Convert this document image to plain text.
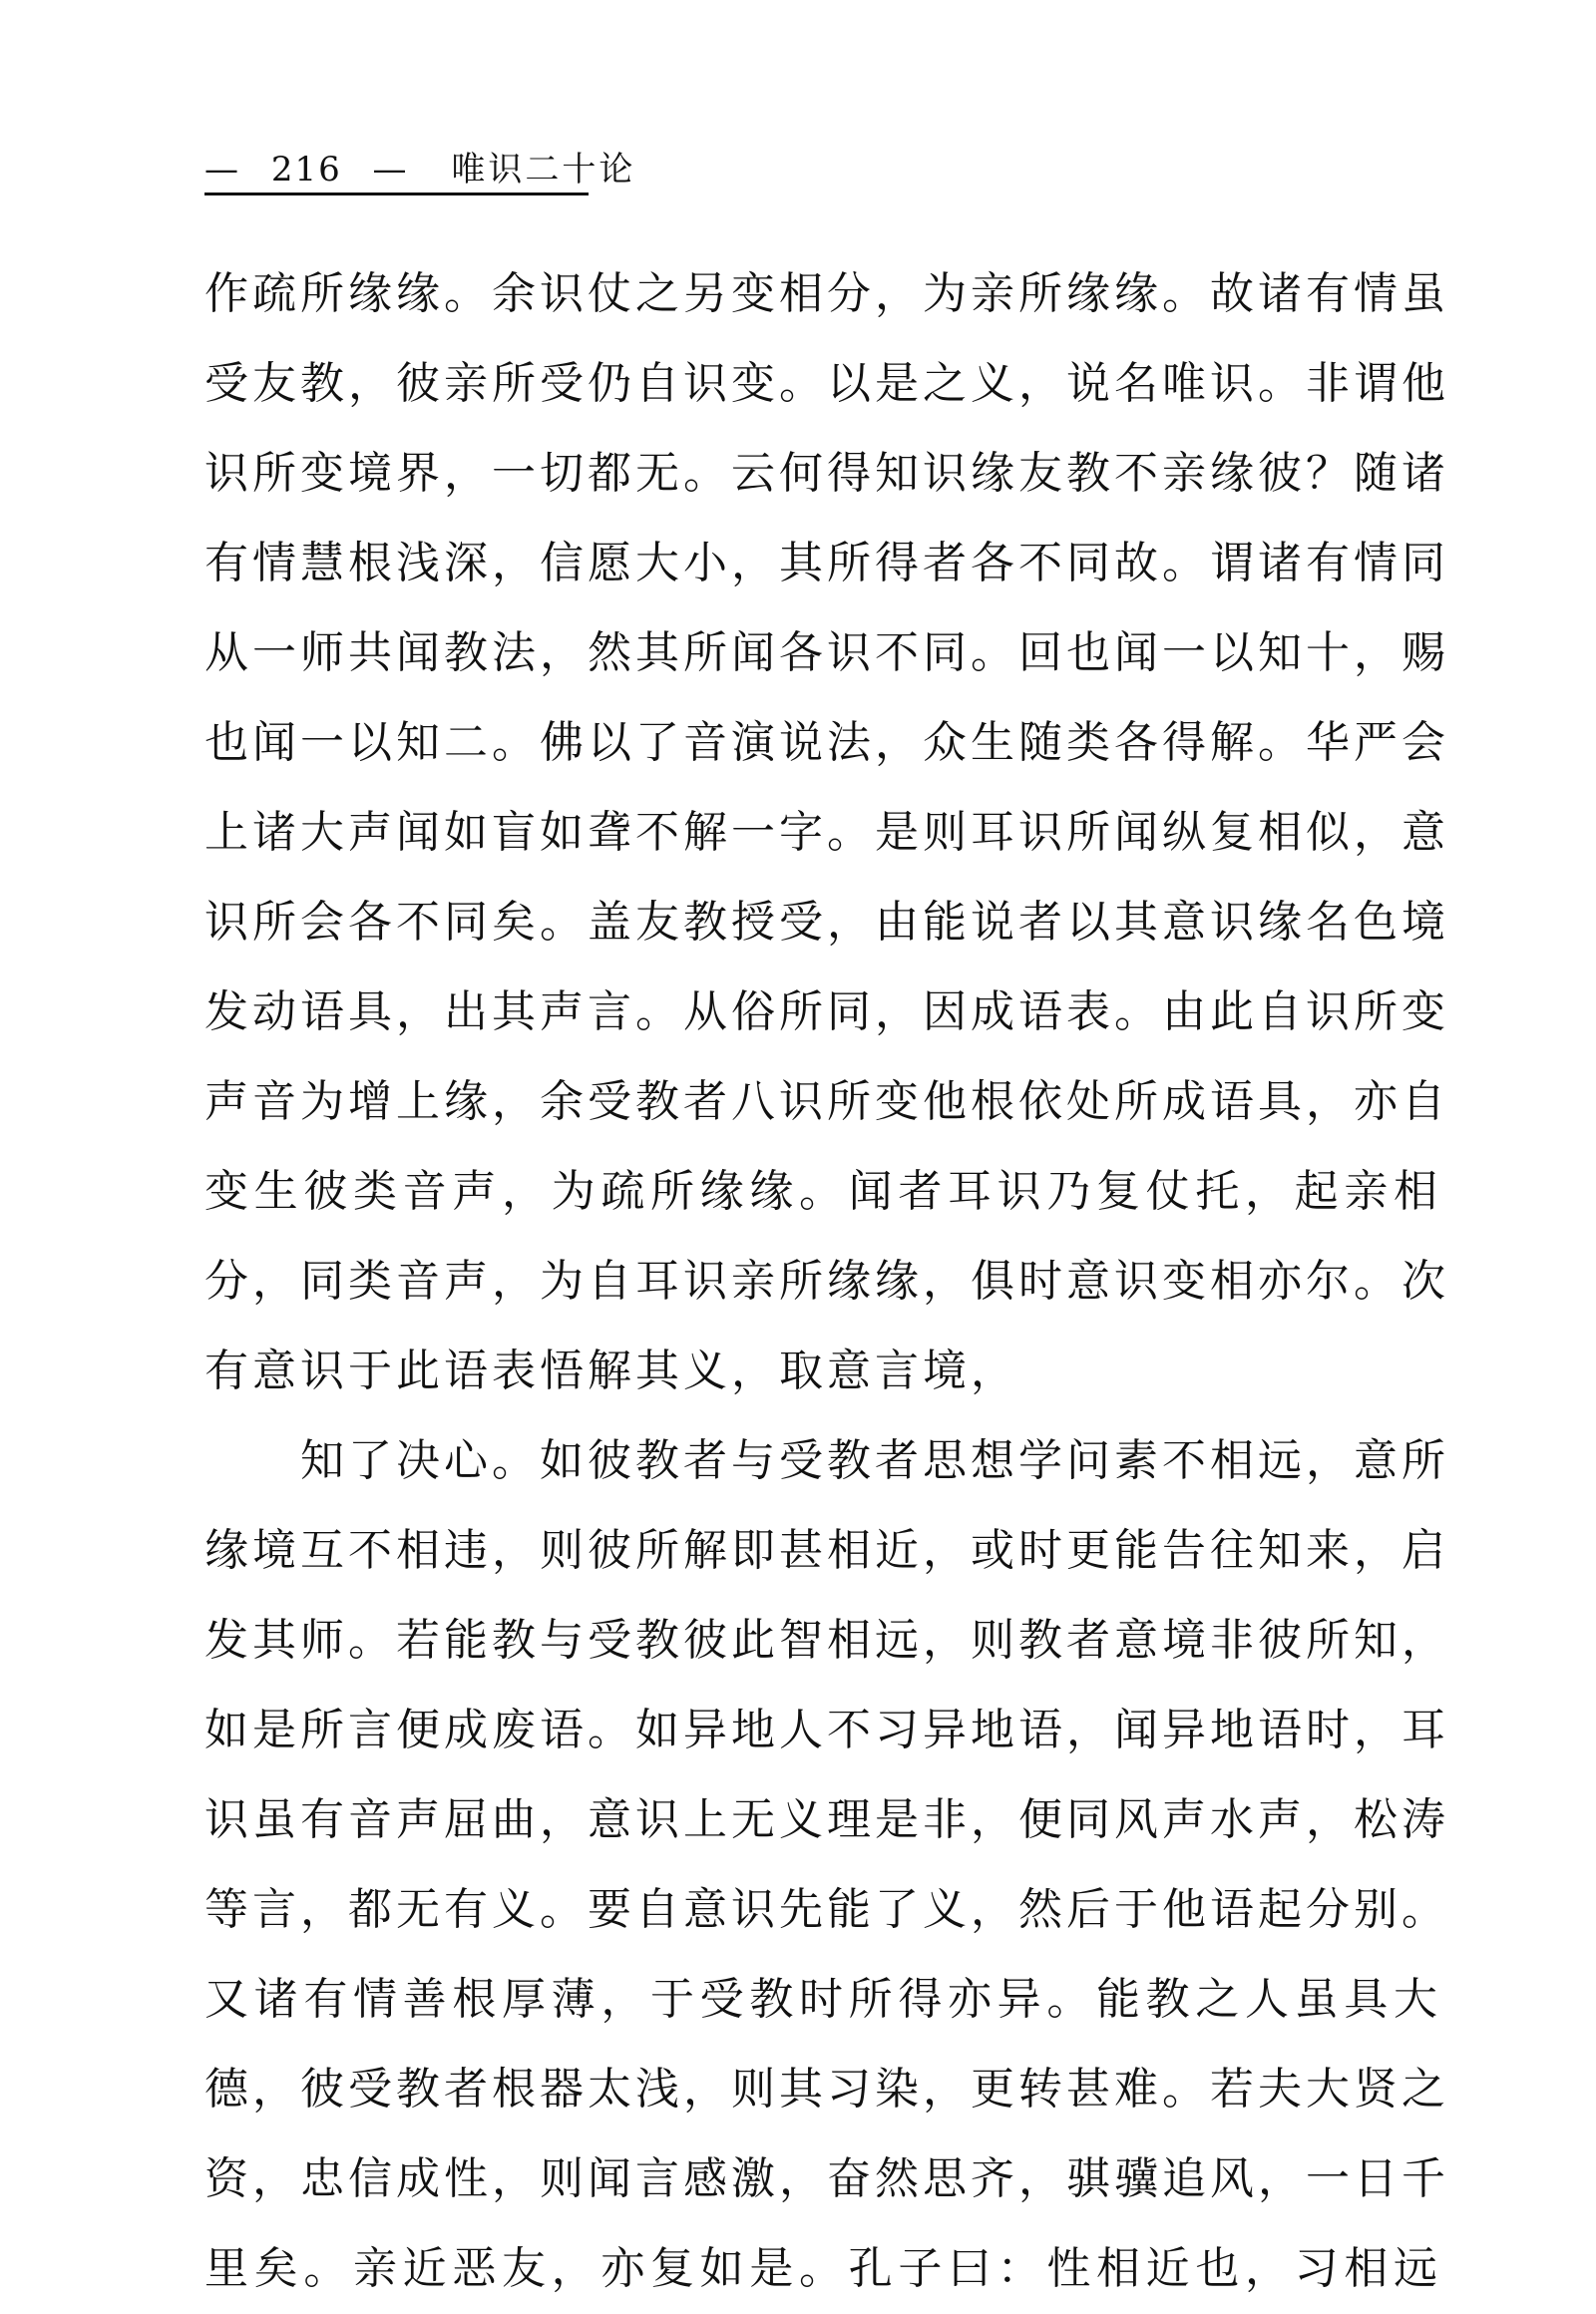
— 216 — 唯识二十论
作疏所缘缘。余识仗之另变相分，为亲所缘缘。故诸有情虽
受友教，彼亲所受仍自识变。以是之义，说名唯识。非谓他
识所变境界，一切都无。云何得知识缘友教不亲缘彼？随诸
有情慧根浅深，信愿大小，其所得者各不同故。谓诸有情同
从一师共闻教法，然其所闻各识不同。回也闻一以知十，赐
也闻一以知二。佛以了音演说法，众生随类各得解。华严会
上诸大声闻如盲如聋不解一字。是则耳识所闻纵复相似，意
识所会各不同矣。盖友教授受，由能说者以其意识缘名色境
发动语具，出其声言。从俗所同，因成语表。由此自识所变
声音为增上缘，余受教者八识所变他根依处所成语具，亦自
变生彼类音声，为疏所缘缘。闻者耳识乃复仗托，起亲相
分，同类音声，为自耳识亲所缘缘，俱时意识变相亦尔。次
有意识于此语表悟解其义，取意言境，
知了决心。如彼教者与受教者思想学问素不相远，意所
缘境互不相违，则彼所解即甚相近，或时更能告往知来，启
发其师。若能教与受教彼此智相远，则教者意境非彼所知，
如是所言便成废语。如异地人不习异地语，闻异地语时，耳
识虽有音声屈曲，意识上无义理是非，便同风声水声，松涛
等言，都无有义。要自意识先能了义，然后于他语起分别。
又诸有情善根厚薄，于受教时所得亦异。能教之人虽具大
德，彼受教者根器太浅，则其习染，更转甚难。若夫大贤之
资，忠信成性，则闻言感激，奋然思齐，骐骥追风，一日千
里矣。亲近恶友，亦复如是。孔子曰：性相近也，习相远
